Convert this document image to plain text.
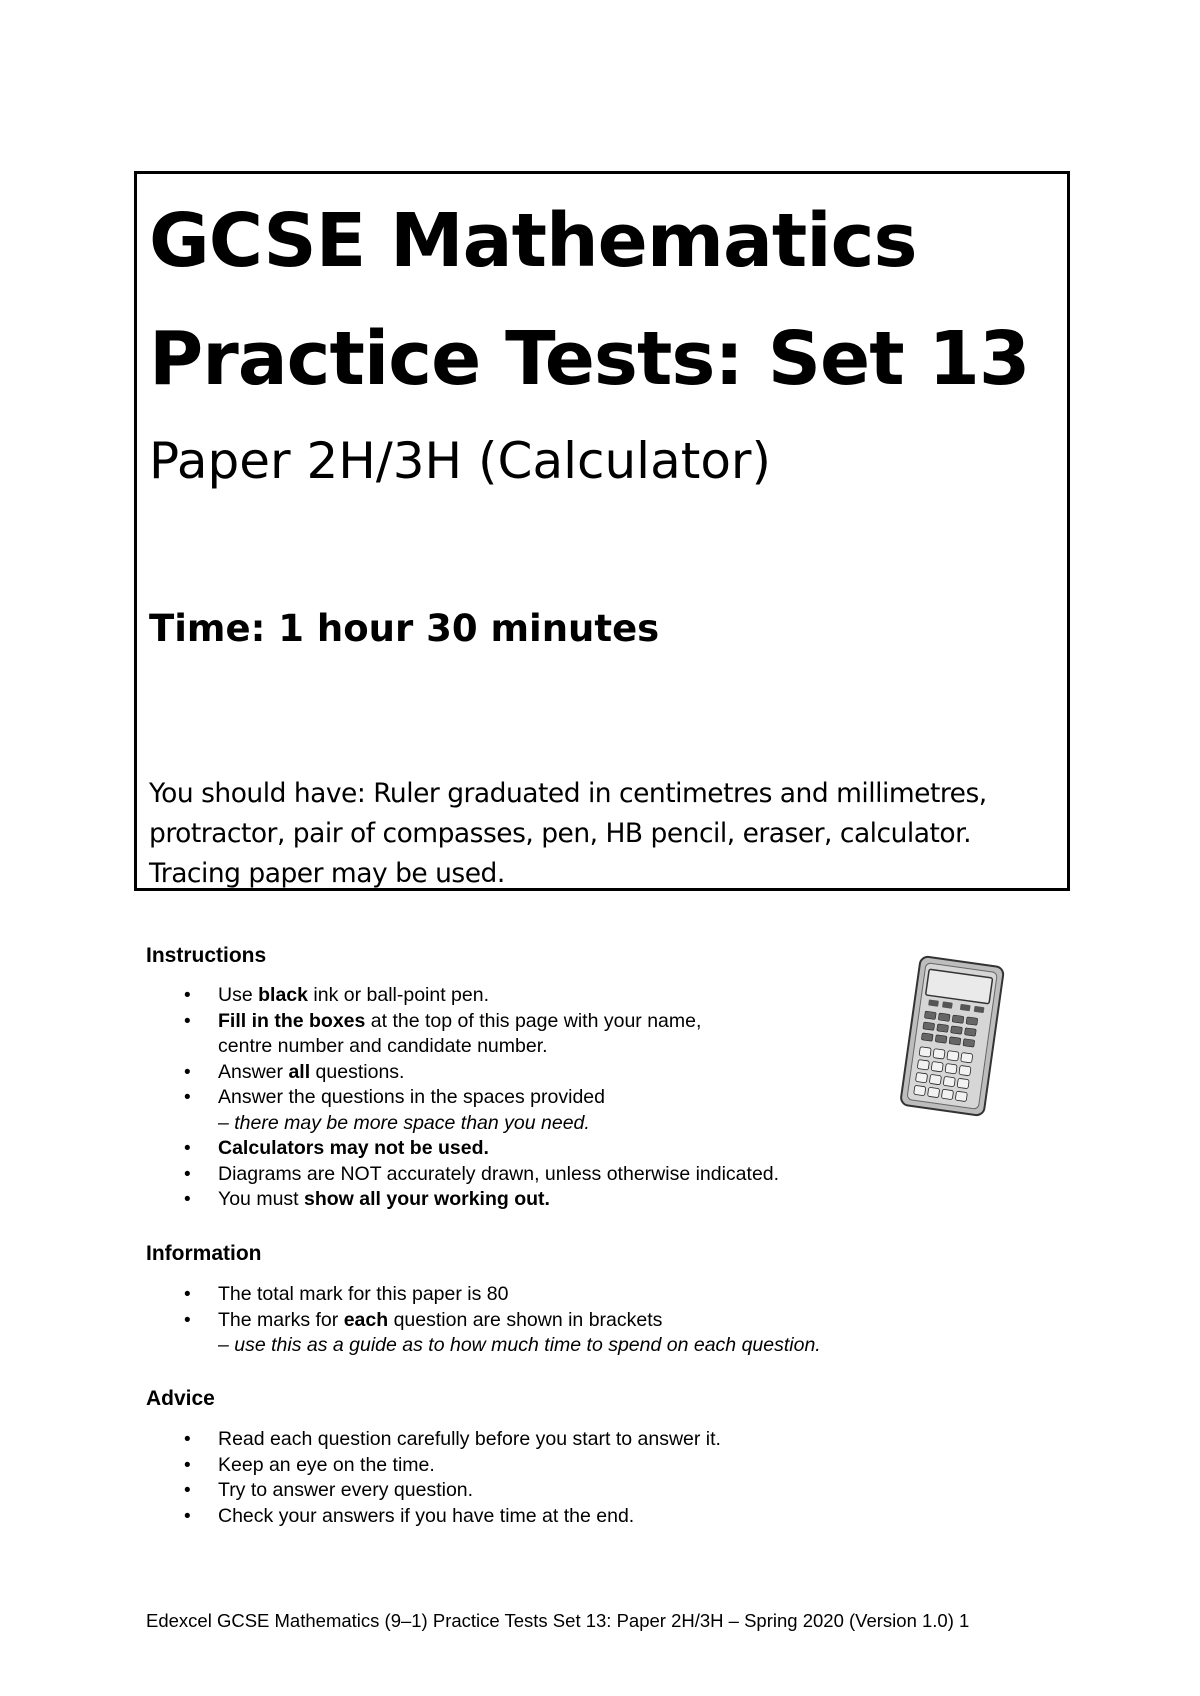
GCSE Mathematics
Practice Tests: Set 13
Paper 2H/3H (Calculator)
Time: 1 hour 30 minutes
You should have: Ruler graduated in centimetres and millimetres, protractor, pair of compasses, pen, HB pencil, eraser, calculator. Tracing paper may be used.
Instructions
• Use black ink or ball-point pen.
• Fill in the boxes at the top of this page with your name,
centre number and candidate number.
• Answer all questions.
• Answer the questions in the spaces provided
– there may be more space than you need.
• Calculators may not be used.
• Diagrams are NOT accurately drawn, unless otherwise indicated.
• You must show all your working out.
Information
• The total mark for this paper is 80
• The marks for each question are shown in brackets
– use this as a guide as to how much time to spend on each question.
Advice
• Read each question carefully before you start to answer it.
• Keep an eye on the time.
• Try to answer every question.
• Check your answers if you have time at the end.
Edexcel GCSE Mathematics (9–1) Practice Tests Set 13: Paper 2H/3H – Spring 2020 (Version 1.0) 1
